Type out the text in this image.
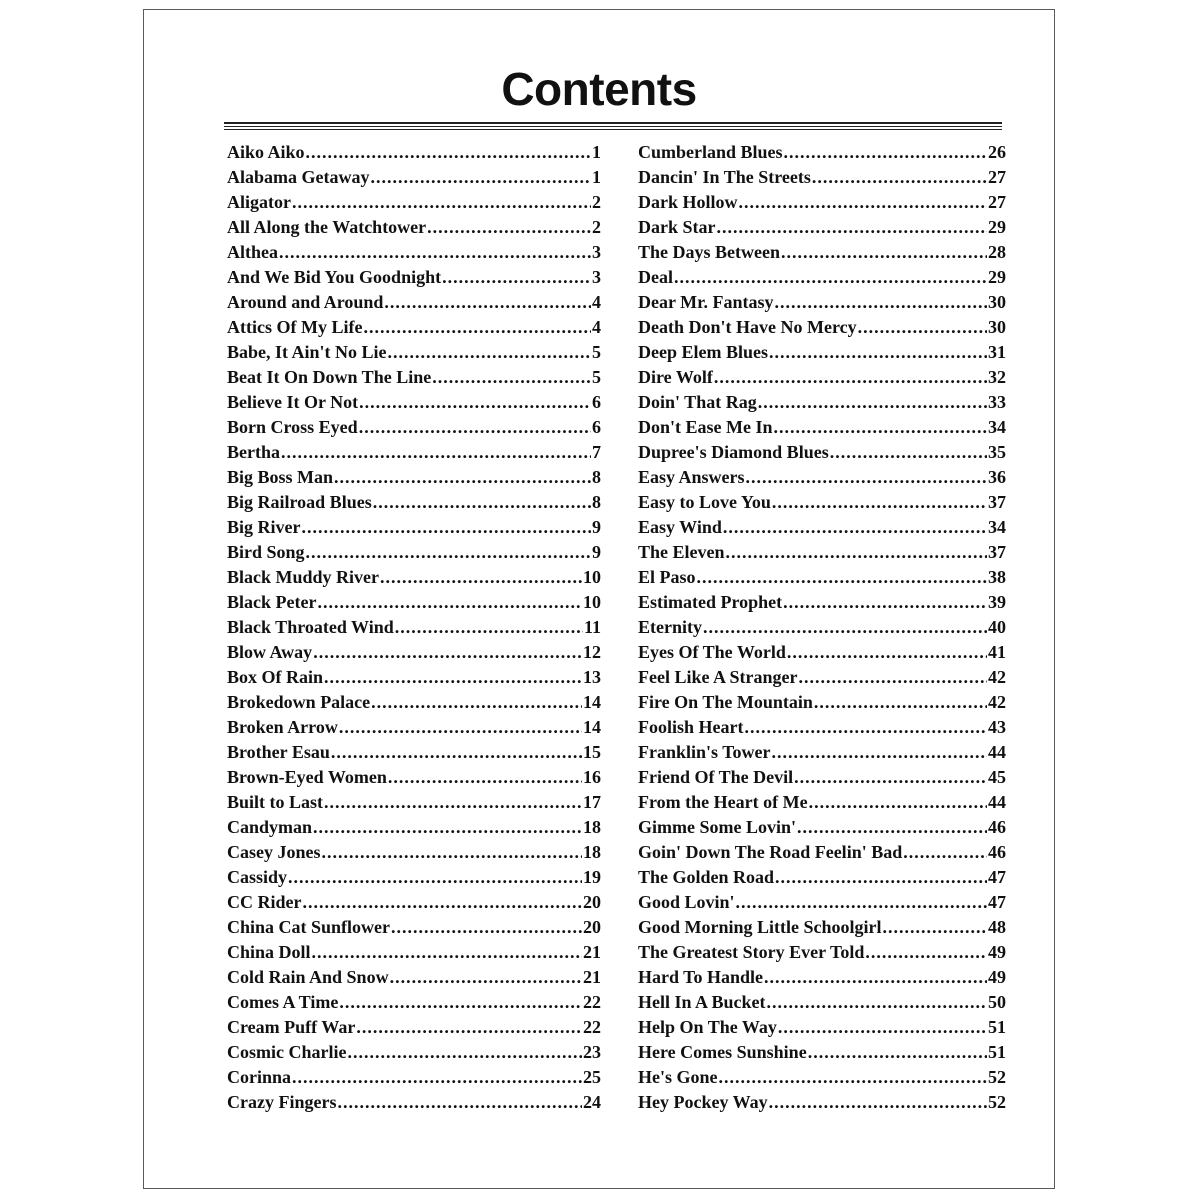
Contents
Aiko Aiko .....	1
Alabama Getaway .....	1
Aligator .....	2
All Along the Watchtower .....	2
Althea .....	3
And We Bid You Goodnight .....	3
Around and Around .....	4
Attics Of My Life .....	4
Babe, It Ain't No Lie .....	5
Beat It On Down The Line .....	5
Believe It Or Not .....	6
Born Cross Eyed .....	6
Bertha .....	7
Big Boss Man .....	8
Big Railroad Blues .....	8
Big River .....	9
Bird Song .....	9
Black Muddy River .....	10
Black Peter .....	10
Black Throated Wind .....	11
Blow Away .....	12
Box Of Rain .....	13
Brokedown Palace .....	14
Broken Arrow .....	14
Brother Esau .....	15
Brown-Eyed Women .....	16
Built to Last .....	17
Candyman .....	18
Casey Jones .....	18
Cassidy .....	19
CC Rider .....	20
China Cat Sunflower .....	20
China Doll .....	21
Cold Rain And Snow .....	21
Comes A Time .....	22
Cream Puff War .....	22
Cosmic Charlie .....	23
Corinna .....	25
Crazy Fingers .....	24
Cumberland Blues .....	26
Dancin' In The Streets .....	27
Dark Hollow .....	27
Dark Star .....	29
The Days Between .....	28
Deal .....	29
Dear Mr. Fantasy .....	30
Death Don't Have No Mercy .....	30
Deep Elem Blues .....	31
Dire Wolf .....	32
Doin' That Rag .....	33
Don't Ease Me In .....	34
Dupree's Diamond Blues .....	35
Easy Answers .....	36
Easy to Love You .....	37
Easy Wind .....	34
The Eleven .....	37
El Paso .....	38
Estimated Prophet .....	39
Eternity .....	40
Eyes Of The World .....	41
Feel Like A Stranger .....	42
Fire On The Mountain .....	42
Foolish Heart .....	43
Franklin's Tower .....	44
Friend Of The Devil .....	45
From the Heart of Me .....	44
Gimme Some Lovin' .....	46
Goin' Down The Road Feelin' Bad .....	46
The Golden Road .....	47
Good Lovin' .....	47
Good Morning Little Schoolgirl .....	48
The Greatest Story Ever Told .....	49
Hard To Handle .....	49
Hell In A Bucket .....	50
Help On The Way .....	51
Here Comes Sunshine .....	51
He's Gone .....	52
Hey Pockey Way .....	52
